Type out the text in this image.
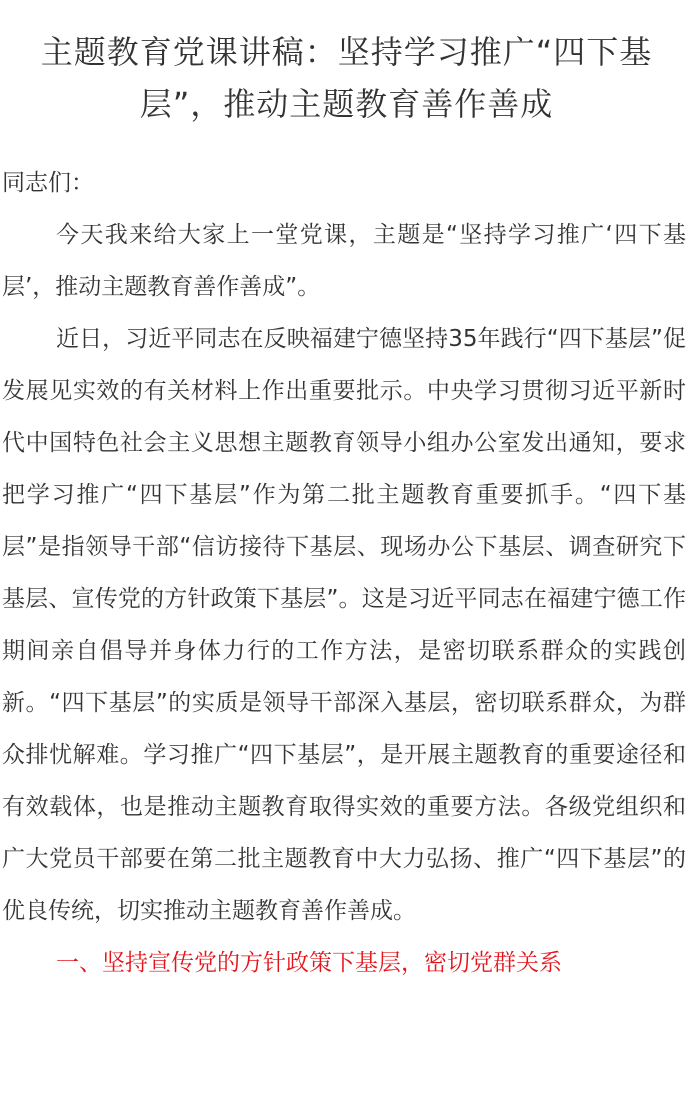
主题教育党课讲稿：坚持学习推广“四下基层”，推动主题教育善作善成

同志们：

今天我来给大家上一堂党课，主题是“坚持学习推广‘四下基层’，推动主题教育善作善成”。

近日，习近平同志在反映福建宁德坚持35年践行“四下基层”促发展见实效的有关材料上作出重要批示。中央学习贯彻习近平新时代中国特色社会主义思想主题教育领导小组办公室发出通知，要求把学习推广“四下基层”作为第二批主题教育重要抓手。“四下基层”是指领导干部“信访接待下基层、现场办公下基层、调查研究下基层、宣传党的方针政策下基层”。这是习近平同志在福建宁德工作期间亲自倡导并身体力行的工作方法，是密切联系群众的实践创新。“四下基层”的实质是领导干部深入基层，密切联系群众，为群众排忧解难。学习推广“四下基层”，是开展主题教育的重要途径和有效载体，也是推动主题教育取得实效的重要方法。各级党组织和广大党员干部要在第二批主题教育中大力弘扬、推广“四下基层”的优良传统，切实推动主题教育善作善成。

一、坚持宣传党的方针政策下基层，密切党群关系
